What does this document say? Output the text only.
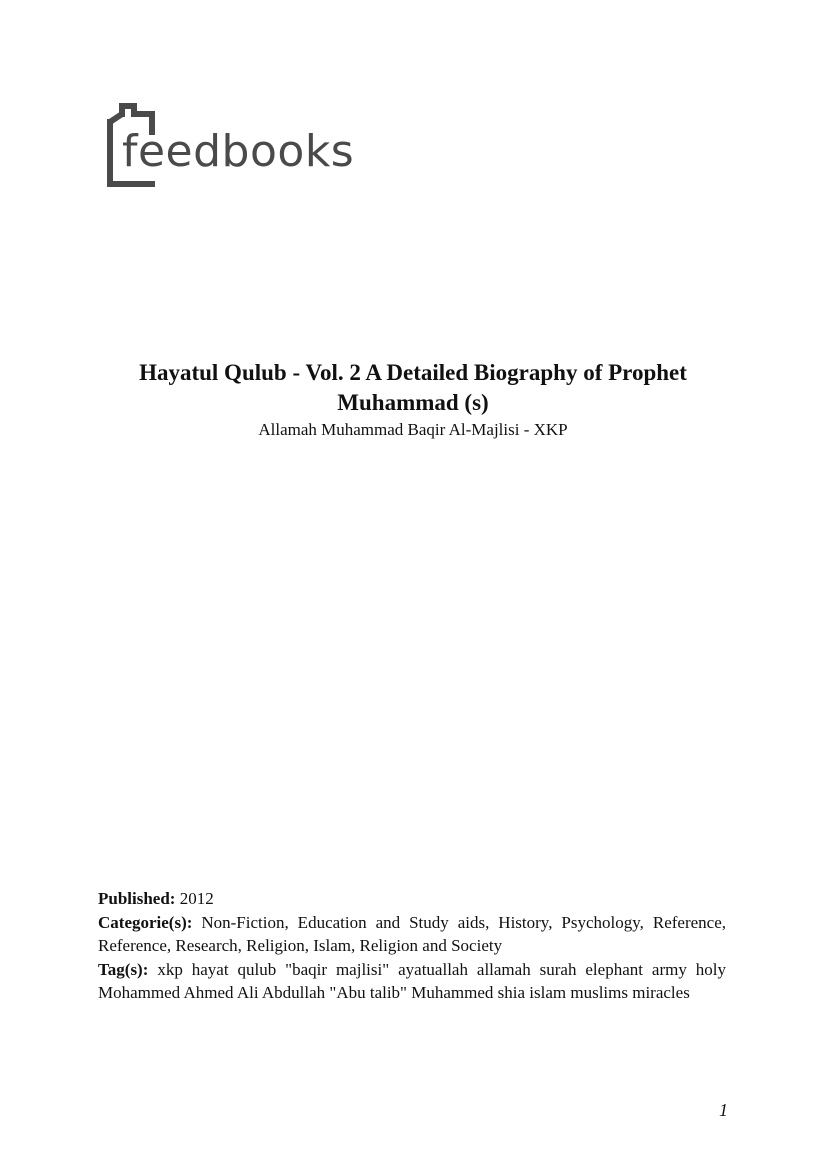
feedbooks

Hayatul Qulub - Vol. 2 A Detailed Biography of Prophet Muhammad (s)

Allamah Muhammad Baqir Al-Majlisi - XKP

Published: 2012

Categorie(s): Non-Fiction, Education and Study aids, History, Psychology, Reference, Reference, Research, Religion, Islam, Religion and Society

Tag(s): xkp hayat qulub "baqir majlisi" ayatuallah allamah surah elephant army holy Mohammed Ahmed Ali Abdullah "Abu talib" Muhammed shia islam muslims miracles

1
